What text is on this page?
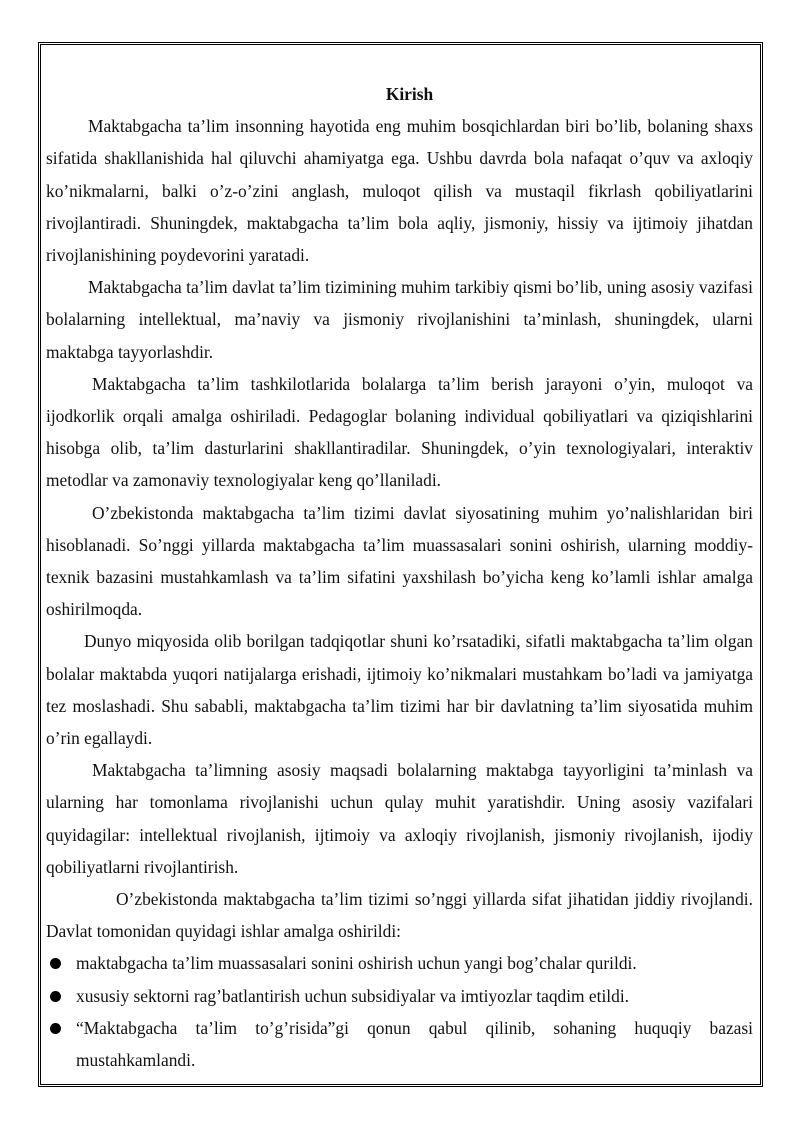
Kirish

Maktabgacha ta’lim insonning hayotida eng muhim bosqichlardan biri bo’lib, bolaning shaxs sifatida shakllanishida hal qiluvchi ahamiyatga ega. Ushbu davrda bola nafaqat o’quv va axloqiy ko’nikmalarni, balki o’z-o’zini anglash, muloqot qilish va mustaqil fikrlash qobiliyatlarini rivojlantiradi. Shuningdek, maktabgacha ta’lim bola aqliy, jismoniy, hissiy va ijtimoiy jihatdan rivojlanishining poydevorini yaratadi.

Maktabgacha ta’lim davlat ta’lim tizimining muhim tarkibiy qismi bo’lib, uning asosiy vazifasi bolalarning intellektual, ma’naviy va jismoniy rivojlanishini ta’minlash, shuningdek, ularni maktabga tayyorlashdir.

Maktabgacha ta’lim tashkilotlarida bolalarga ta’lim berish jarayoni o’yin, muloqot va ijodkorlik orqali amalga oshiriladi. Pedagoglar bolaning individual qobiliyatlari va qiziqishlarini hisobga olib, ta’lim dasturlarini shakllantiradilar. Shuningdek, o’yin texnologiyalari, interaktiv metodlar va zamonaviy texnologiyalar keng qo’llaniladi.

O’zbekistonda maktabgacha ta’lim tizimi davlat siyosatining muhim yo’nalishlaridan biri hisoblanadi. So’nggi yillarda maktabgacha ta’lim muassasalari sonini oshirish, ularning moddiy-texnik bazasini mustahkamlash va ta’lim sifatini yaxshilash bo’yicha keng ko’lamli ishlar amalga oshirilmoqda.

Dunyo miqyosida olib borilgan tadqiqotlar shuni ko’rsatadiki, sifatli maktabgacha ta’lim olgan bolalar maktabda yuqori natijalarga erishadi, ijtimoiy ko’nikmalari mustahkam bo’ladi va jamiyatga tez moslashadi. Shu sababli, maktabgacha ta’lim tizimi har bir davlatning ta’lim siyosatida muhim o’rin egallaydi.

Maktabgacha ta’limning asosiy maqsadi bolalarning maktabga tayyorligini ta’minlash va ularning har tomonlama rivojlanishi uchun qulay muhit yaratishdir. Uning asosiy vazifalari quyidagilar: intellektual rivojlanish, ijtimoiy va axloqiy rivojlanish, jismoniy rivojlanish, ijodiy qobiliyatlarni rivojlantirish.

O’zbekistonda maktabgacha ta’lim tizimi so’nggi yillarda sifat jihatidan jiddiy rivojlandi. Davlat tomonidan quyidagi ishlar amalga oshirildi:

maktabgacha ta’lim muassasalari sonini oshirish uchun yangi bog’chalar qurildi.
xususiy sektorni rag’batlantirish uchun subsidiyalar va imtiyozlar taqdim etildi.
“Maktabgacha ta’lim to’g’risida”gi qonun qabul qilinib, sohaning huquqiy bazasi mustahkamlandi.
